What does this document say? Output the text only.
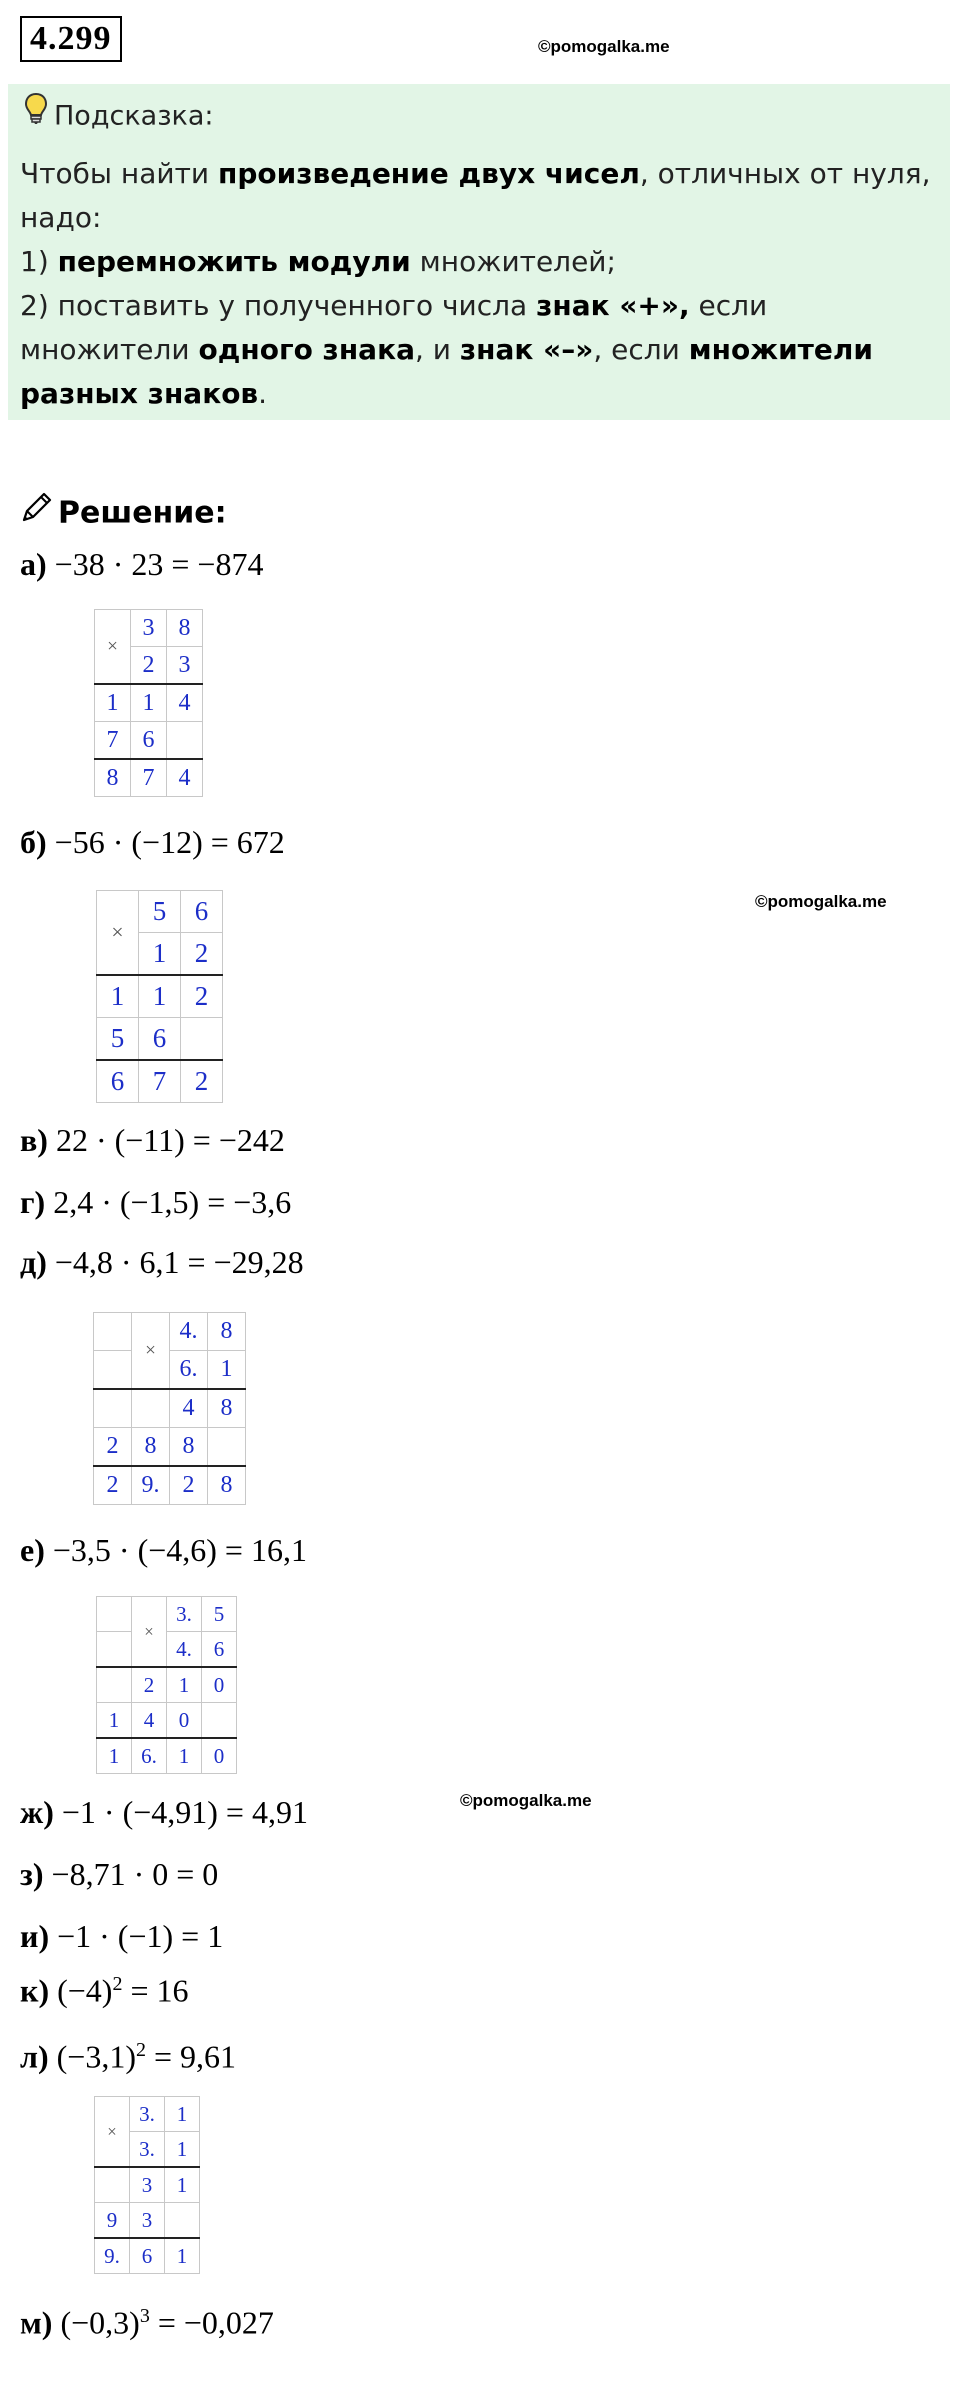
4.299	©pomogalka.me
Подсказка:
Чтобы найти произведение двух чисел, отличных от нуля, надо:
1) перемножить модули множителей;
2) поставить у полученного числа знак «+», если множители одного знака, и знак «–», если множители разных знаков.
Решение:
а) −38 · 23 = −874
×	3	8
	2	3
1	1	4
7	6	
8	7	4
б) −56 · (−12) = 672
©pomogalka.me
×	5	6
	1	2
1	1	2
5	6	
6	7	2
в) 22 · (−11) = −242
г) 2,4 · (−1,5) = −3,6
д) −4,8 · 6,1 = −29,28
	×	4.	8
		6.	1
		4	8
2	8	8	
2	9.	2	8
е) −3,5 · (−4,6) = 16,1
	×	3.	5
		4.	6
	2	1	0
1	4	0	
1	6.	1	0
ж) −1 · (−4,91) = 4,91	©pomogalka.me
з) −8,71 · 0 = 0
и) −1 · (−1) = 1
к) $(-4)^2 = 16$
л) $(-3,1)^2 = 9,61$
×	3.	1
	3.	1
	3	1
9	3	
9.	6	1
м) $(-0,3)^3 = -0,027$
